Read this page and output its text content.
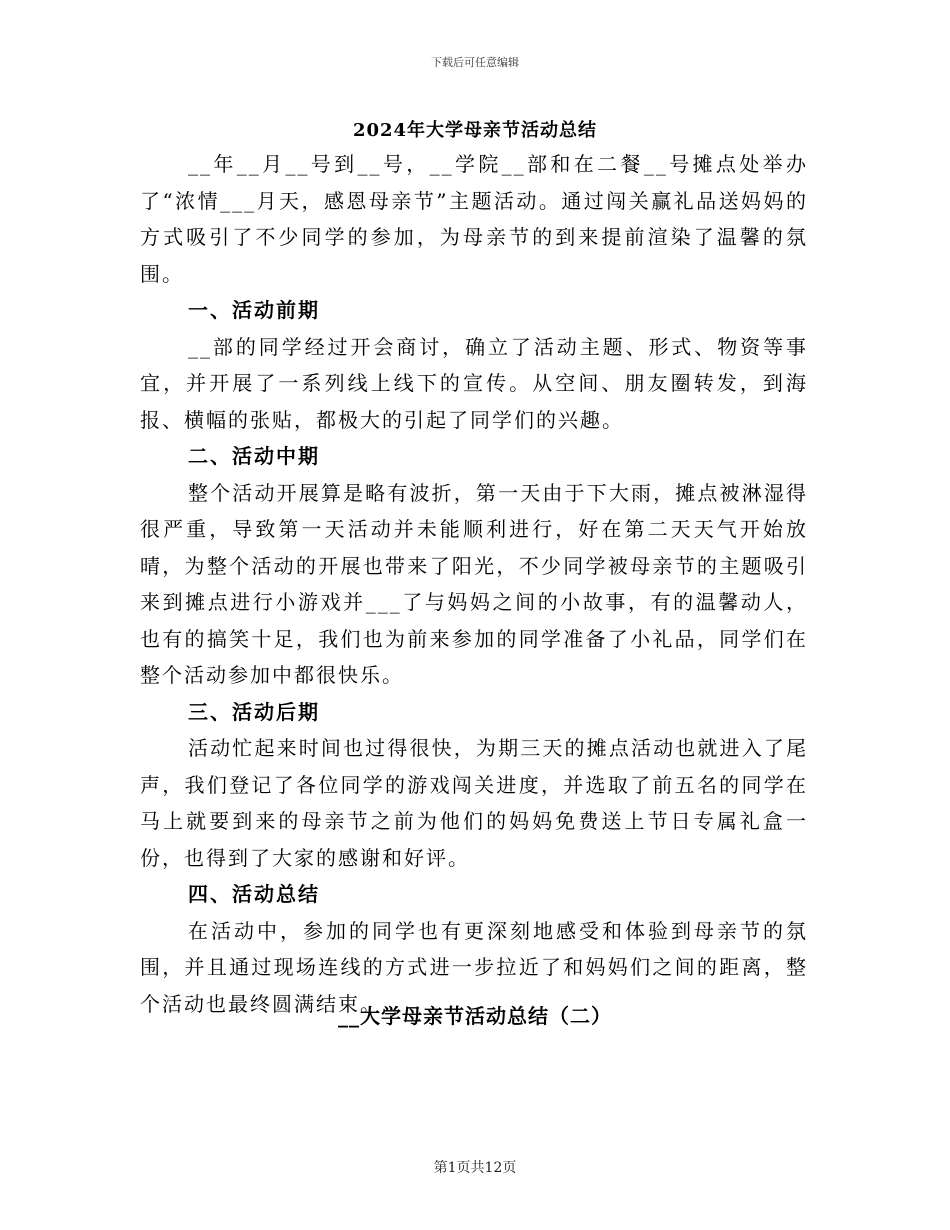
下载后可任意编辑
2024年大学母亲节活动总结

__年__月__号到__号，__学院__部和在二餐__号摊点处举办了“浓情___月天，感恩母亲节”主题活动。通过闯关赢礼品送妈妈的方式吸引了不少同学的参加，为母亲节的到来提前渲染了温馨的氛围。

一、活动前期

__部的同学经过开会商讨，确立了活动主题、形式、物资等事宜，并开展了一系列线上线下的宣传。从空间、朋友圈转发，到海报、横幅的张贴，都极大的引起了同学们的兴趣。

二、活动中期

整个活动开展算是略有波折，第一天由于下大雨，摊点被淋湿得很严重，导致第一天活动并未能顺利进行，好在第二天天气开始放晴，为整个活动的开展也带来了阳光，不少同学被母亲节的主题吸引来到摊点进行小游戏并___了与妈妈之间的小故事，有的温馨动人，也有的搞笑十足，我们也为前来参加的同学准备了小礼品，同学们在整个活动参加中都很快乐。

三、活动后期

活动忙起来时间也过得很快，为期三天的摊点活动也就进入了尾声，我们登记了各位同学的游戏闯关进度，并选取了前五名的同学在马上就要到来的母亲节之前为他们的妈妈免费送上节日专属礼盒一份，也得到了大家的感谢和好评。

四、活动总结

在活动中，参加的同学也有更深刻地感受和体验到母亲节的氛围，并且通过现场连线的方式进一步拉近了和妈妈们之间的距离，整个活动也最终圆满结束。

__大学母亲节活动总结（二）
第1页共12页
